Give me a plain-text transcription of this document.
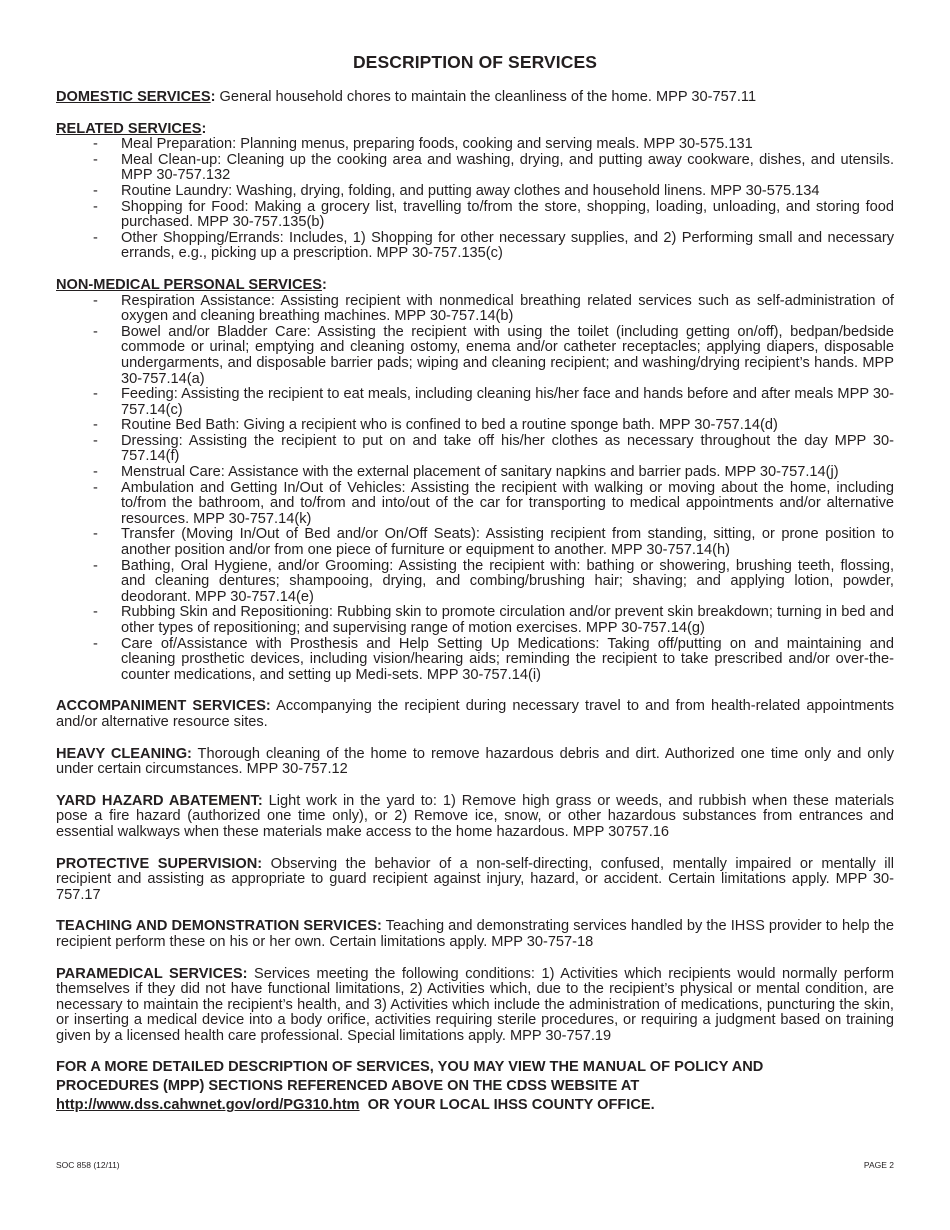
DESCRIPTION OF SERVICES

DOMESTIC SERVICES: General household chores to maintain the cleanliness of the home. MPP 30-757.11

RELATED SERVICES:

- Meal Preparation: Planning menus, preparing foods, cooking and serving meals. MPP 30-575.131
- Meal Clean-up: Cleaning up the cooking area and washing, drying, and putting away cookware, dishes, and utensils. MPP 30-757.132
- Routine Laundry: Washing, drying, folding, and putting away clothes and household linens. MPP 30-575.134
- Shopping for Food: Making a grocery list, travelling to/from the store, shopping, loading, unloading, and storing food purchased. MPP 30-757.135(b)
- Other Shopping/Errands: Includes, 1) Shopping for other necessary supplies, and 2) Performing small and necessary errands, e.g., picking up a prescription. MPP 30-757.135(c)

NON-MEDICAL PERSONAL SERVICES:

- Respiration Assistance: Assisting recipient with nonmedical breathing related services such as self-administration of oxygen and cleaning breathing machines. MPP 30-757.14(b)
- Bowel and/or Bladder Care: Assisting the recipient with using the toilet (including getting on/off), bedpan/bedside commode or urinal; emptying and cleaning ostomy, enema and/or catheter receptacles; applying diapers, disposable undergarments, and disposable barrier pads; wiping and cleaning recipient; and washing/drying recipient’s hands. MPP 30-757.14(a)
- Feeding: Assisting the recipient to eat meals, including cleaning his/her face and hands before and after meals MPP 30-757.14(c)
- Routine Bed Bath: Giving a recipient who is confined to bed a routine sponge bath. MPP 30-757.14(d)
- Dressing: Assisting the recipient to put on and take off his/her clothes as necessary throughout the day MPP 30-757.14(f)
- Menstrual Care: Assistance with the external placement of sanitary napkins and barrier pads. MPP 30-757.14(j)
- Ambulation and Getting In/Out of Vehicles: Assisting the recipient with walking or moving about the home, including to/from the bathroom, and to/from and into/out of the car for transporting to medical appointments and/or alternative resources. MPP 30-757.14(k)
- Transfer (Moving In/Out of Bed and/or On/Off Seats): Assisting recipient from standing, sitting, or prone position to another position and/or from one piece of furniture or equipment to another. MPP 30-757.14(h)
- Bathing, Oral Hygiene, and/or Grooming: Assisting the recipient with: bathing or showering, brushing teeth, flossing, and cleaning dentures; shampooing, drying, and combing/brushing hair; shaving; and applying lotion, powder, deodorant. MPP 30-757.14(e)
- Rubbing Skin and Repositioning: Rubbing skin to promote circulation and/or prevent skin breakdown; turning in bed and other types of repositioning; and supervising range of motion exercises. MPP 30-757.14(g)
- Care of/Assistance with Prosthesis and Help Setting Up Medications: Taking off/putting on and maintaining and cleaning prosthetic devices, including vision/hearing aids; reminding the recipient to take prescribed and/or over-the-counter medications, and setting up Medi-sets. MPP 30-757.14(i)

ACCOMPANIMENT SERVICES: Accompanying the recipient during necessary travel to and from health-related appointments and/or alternative resource sites.

HEAVY CLEANING: Thorough cleaning of the home to remove hazardous debris and dirt. Authorized one time only and only under certain circumstances. MPP 30-757.12

YARD HAZARD ABATEMENT: Light work in the yard to: 1) Remove high grass or weeds, and rubbish when these materials pose a fire hazard (authorized one time only), or 2) Remove ice, snow, or other hazardous substances from entrances and essential walkways when these materials make access to the home hazardous. MPP 30757.16

PROTECTIVE SUPERVISION: Observing the behavior of a non-self-directing, confused, mentally impaired or mentally ill recipient and assisting as appropriate to guard recipient against injury, hazard, or accident. Certain limitations apply. MPP 30-757.17

TEACHING AND DEMONSTRATION SERVICES: Teaching and demonstrating services handled by the IHSS provider to help the recipient perform these on his or her own. Certain limitations apply. MPP 30-757-18

PARAMEDICAL SERVICES: Services meeting the following conditions: 1) Activities which recipients would normally perform themselves if they did not have functional limitations, 2) Activities which, due to the recipient’s physical or mental condition, are necessary to maintain the recipient’s health, and 3) Activities which include the administration of medications, puncturing the skin, or inserting a medical device into a body orifice, activities requiring sterile procedures, or requiring a judgment based on training given by a licensed health care professional. Special limitations apply. MPP 30-757.19

FOR A MORE DETAILED DESCRIPTION OF SERVICES, YOU MAY VIEW THE MANUAL OF POLICY AND
PROCEDURES (MPP) SECTIONS REFERENCED ABOVE ON THE CDSS WEBSITE AT
http://www.dss.cahwnet.gov/ord/PG310.htm  OR YOUR LOCAL IHSS COUNTY OFFICE.
SOC 858 (12/11)	PAGE 2
